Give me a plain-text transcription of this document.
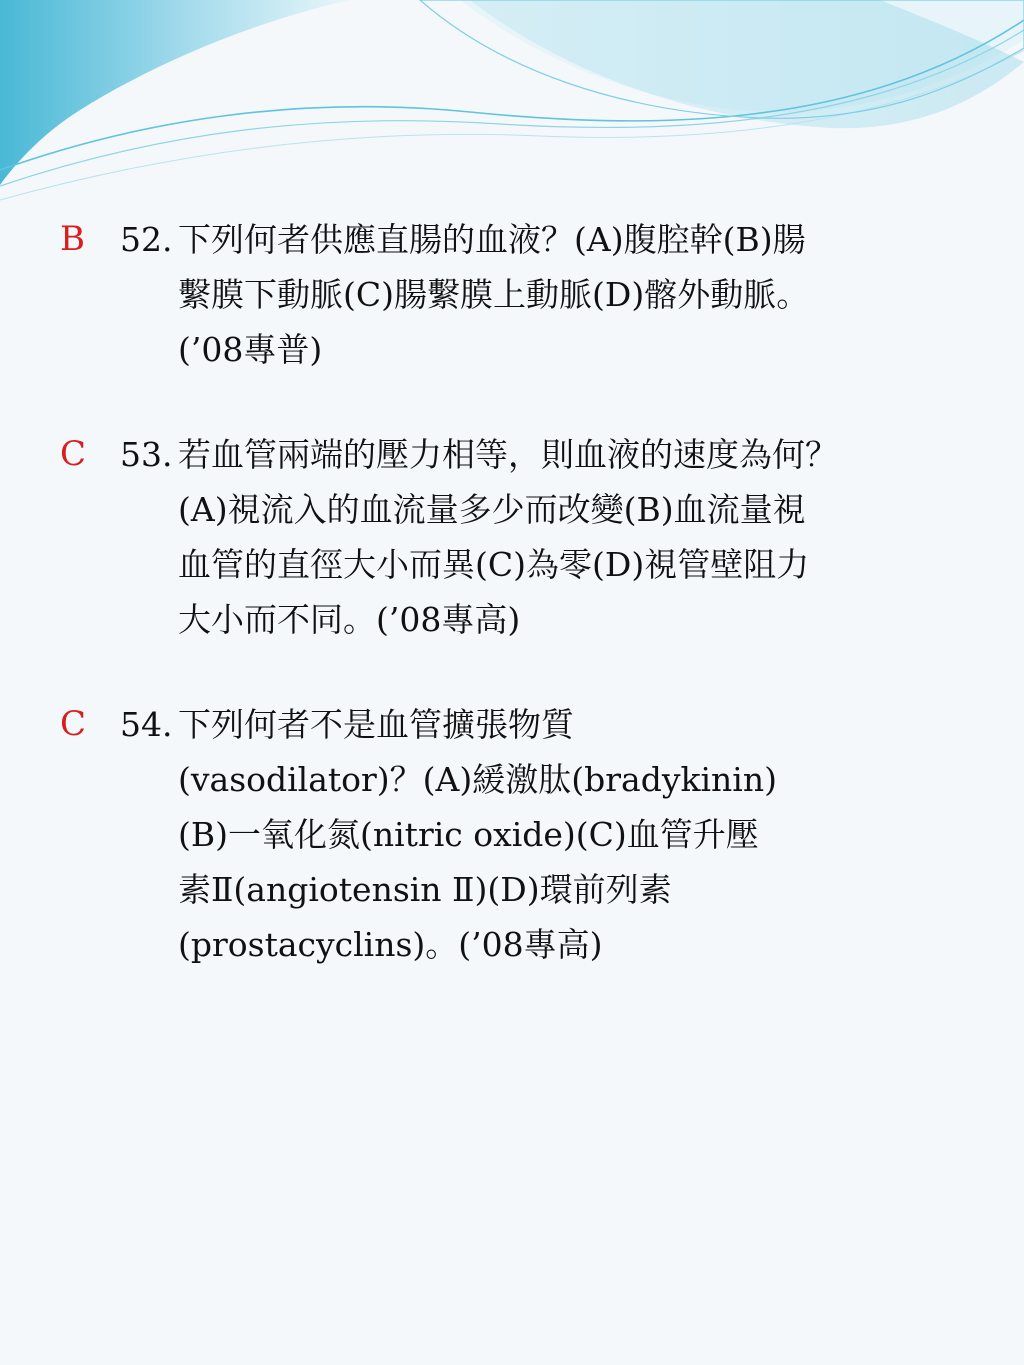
B	52. 下列何者供應直腸的血液？(A)腹腔幹(B)腸
繫膜下動脈(C)腸繫膜上動脈(D)髂外動脈。
(’08專普)
C	53. 若血管兩端的壓力相等，則血液的速度為何？
(A)視流入的血流量多少而改變(B)血流量視
血管的直徑大小而異(C)為零(D)視管壁阻力
大小而不同。(’08專高)
C	54. 下列何者不是血管擴張物質
(vasodilator)？(A)緩激肽(bradykinin)
(B)一氧化氮(nitric oxide)(C)血管升壓
素Ⅱ(angiotensin Ⅱ)(D)環前列素
(prostacyclins)。(’08專高)
